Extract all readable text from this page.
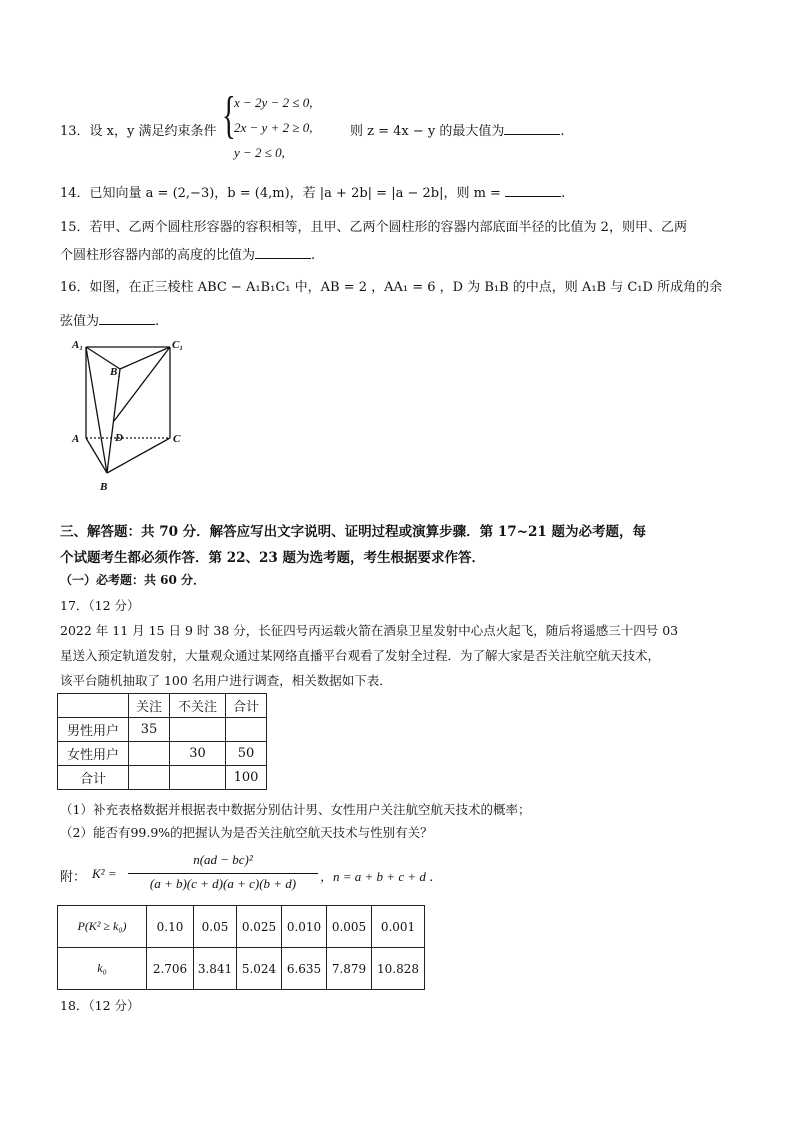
13．设 x，y 满足约束条件 {
x − 2y − 2 ≤ 0,
2x − y + 2 ≥ 0,
y − 2 ≤ 0,
则 z = 4x − y 的最大值为	.
14．已知向量 a = (2,−3)，b = (4,m)，若 |a + 2b| = |a − 2b|，则 m =	.
15．若甲、乙两个圆柱形容器的容积相等，且甲、乙两个圆柱形的容器内部底面半径的比值为 2，则甲、乙两
个圆柱形容器内部的高度的比值为	.
16．如图，在正三棱柱 ABC − A₁B₁C₁ 中，AB = 2 ，AA₁ = 6 ，D 为 B₁B 的中点，则 A₁B 与 C₁D 所成角的余
弦值为	.
A₁
B₁
C₁
D
A	C
B
三、解答题：共 70 分．解答应写出文字说明、证明过程或演算步骤．第 17~21 题为必考题，每
个试题考生都必须作答．第 22、23 题为选考题，考生根据要求作答．
（一）必考题：共 60 分．
17．（12 分）
2022 年 11 月 15 日 9 时 38 分，长征四号丙运载火箭在酒泉卫星发射中心点火起飞，随后将遥感三十四号 03
星送入预定轨道发射，大量观众通过某网络直播平台观看了发射全过程．为了解大家是否关注航空航天技术，
该平台随机抽取了 100 名用户进行调查，相关数据如下表．
	关注	不关注	合计
男性用户	35		
女性用户		30	50
合计			100
（1）补充表格数据并根据表中数据分别估计男、女性用户关注航空航天技术的概率；
（2）能否有99.9%的把握认为是否关注航空航天技术与性别有关？
附： K² =
n(ad − bc)²
(a + b)(c + d)(a + c)(b + d)	，n = a + b + c + d ．
P(K² ≥ k₀)	0.10	0.05	0.025	0.010	0.005	0.001
k₀	2.706	3.841	5.024	6.635	7.879	10.828
18．（12 分）
